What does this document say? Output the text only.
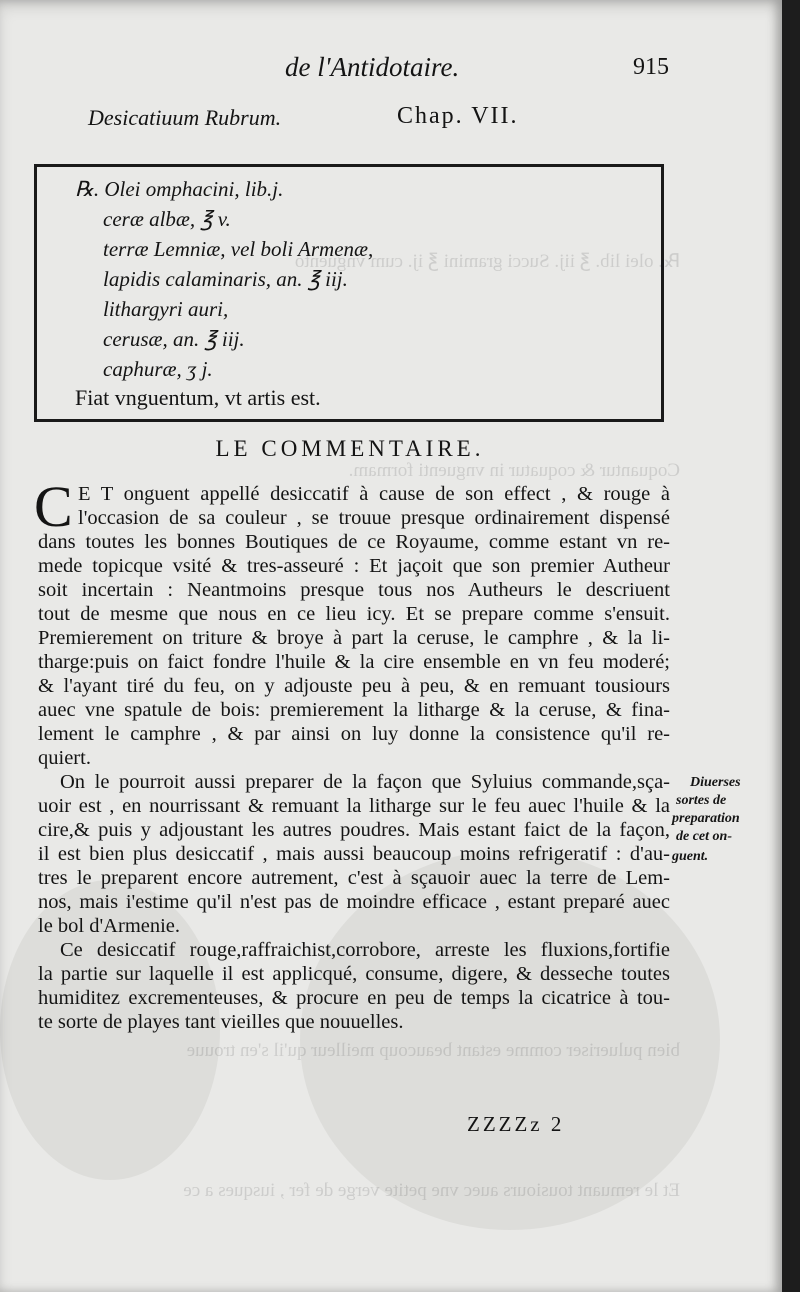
℞. olei lib. ℥ iij. Succi gramini ℥ ij. cum vnguento
Coquantur & coquatur in vnguenti formam.
bien pulueriser comme estant beaucoup meilleur qu'il s'en trouue
Et le remuant tousiours auec vne petite verge de fer , iusques a ce
de l'Antidotaire.	915
Desicatiuum Rubrum.	Chap. VII.
℞. Olei omphacini, lib.j.
ceræ albæ, ℥ v.
terræ Lemniæ, vel boli Armenæ,
lapidis calaminaris, an. ℥ iij.
lithargyri auri,
cerusæ, an. ℥ iij.
caphuræ, ʒ j.
Fiat vnguentum, vt artis est.
LE COMMENTAIRE.
C E T onguent appellé desiccatif à cause de son effect , & rouge à
l'occasion de sa couleur , se trouue presque ordinairement dispensé
dans toutes les bonnes Boutiques de ce Royaume, comme estant vn re-
mede topicque vsité & tres-asseuré : Et jaçoit que son premier Autheur
soit incertain : Neantmoins presque tous nos Autheurs le descriuent
tout de mesme que nous en ce lieu icy. Et se prepare comme s'ensuit.
Premierement on triture & broye à part la ceruse, le camphre , & la li-
tharge:puis on faict fondre l'huile & la cire ensemble en vn feu moderé;
& l'ayant tiré du feu, on y adjouste peu à peu, & en remuant tousiours
auec vne spatule de bois: premierement la litharge & la ceruse, & fina-
lement le camphre , & par ainsi on luy donne la consistence qu'il re-
quiert.
On le pourroit aussi preparer de la façon que Syluius commande,sça-
uoir est , en nourrissant & remuant la litharge sur le feu auec l'huile & la
cire,& puis y adjoustant les autres poudres. Mais estant faict de la façon,
il est bien plus desiccatif , mais aussi beaucoup moins refrigeratif : d'au-
tres le preparent encore autrement, c'est à sçauoir auec la terre de Lem-
nos, mais i'estime qu'il n'est pas de moindre efficace , estant preparé auec
le bol d'Armenie.
Ce desiccatif rouge,raffraichist,corrobore, arreste les fluxions,fortifie
la partie sur laquelle il est applicqué, consume, digere, & desseche toutes
humiditez excrementeuses, & procure en peu de temps la cicatrice à tou-
te sorte de playes tant vieilles que nouuelles.
Diuerses
sortes de
preparation
de cet on-
guent.
ZZZZz 2
